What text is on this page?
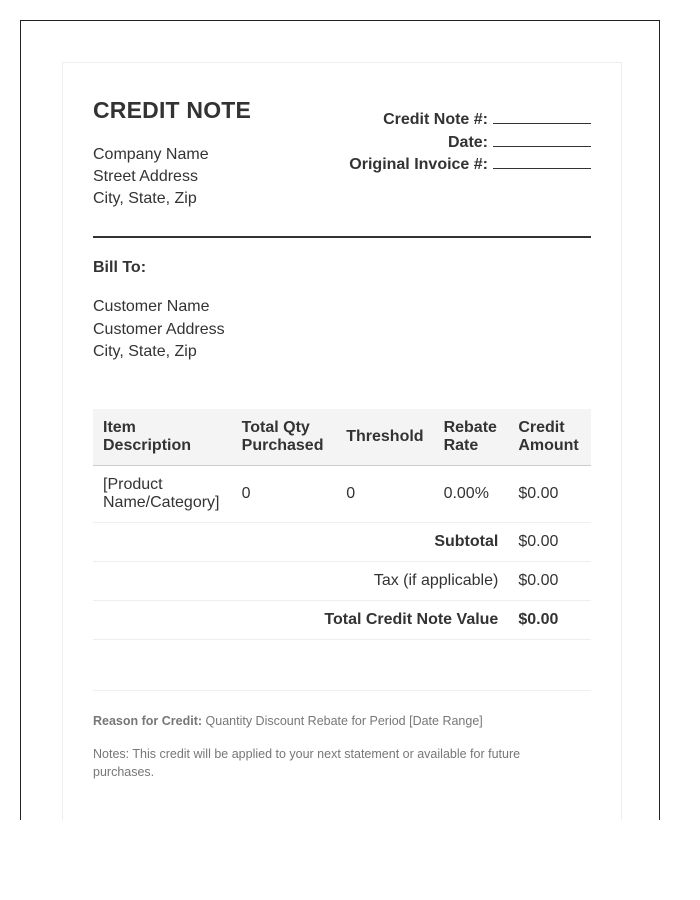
CREDIT NOTE
Company Name
Street Address
City, State, Zip
Credit Note #:
Date:
Original Invoice #:
Bill To:
Customer Name
Customer Address
City, State, Zip
Item Description	Total Qty Purchased	Threshold	Rebate Rate	Credit Amount
[Product Name/Category]	0	0	0.00%	$0.00
Subtotal				$0.00
Tax (if applicable)				$0.00
Total Credit Note Value				$0.00
Reason for Credit: Quantity Discount Rebate for Period [Date Range]
Notes: This credit will be applied to your next statement or available for future purchases.
